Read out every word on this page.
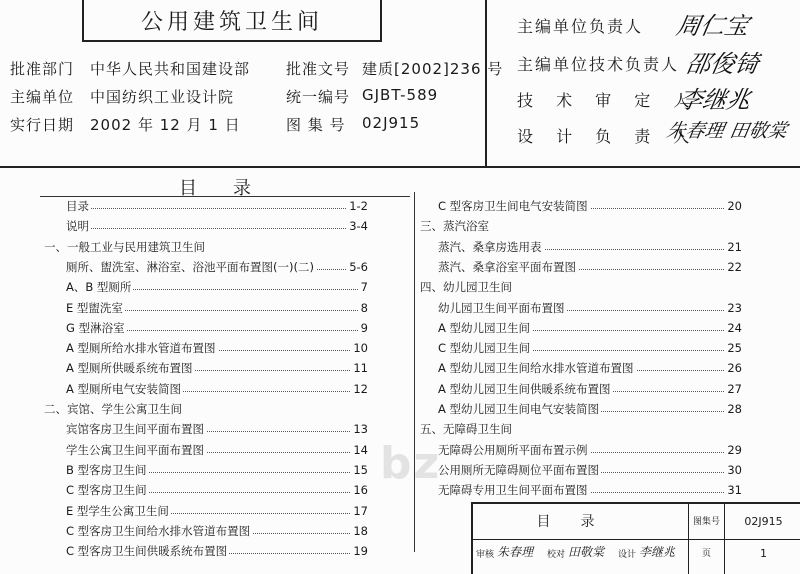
公用建筑卫生间
批准部门 中华人民共和国建设部 批准文号 建质[2002]236 号
主编单位 中国纺织工业设计院	统一编号 GJBT-589
实行日期 2002 年 12 月 1 日	图 集 号 02J915
主编单位负责人 周仁宝
主编单位技术负责人 邵俊锜
技 术 审 定 人
李继兆
设 计 负 责 人
朱春理 田敬棠
目录
目录	1-2
说明	3-4
一、一般工业与民用建筑卫生间
厕所、盥洗室、淋浴室、浴池平面布置图(一)(二)	5-6
A、B 型厕所	7
E 型盥洗室	8
G 型淋浴室	9
A 型厕所给水排水管道布置图	10
A 型厕所供暖系统布置图	11
A 型厕所电气安装简图	12
二、宾馆、学生公寓卫生间
宾馆客房卫生间平面布置图	13
学生公寓卫生间平面布置图	14
B 型客房卫生间	15
C 型客房卫生间	16
E 型学生公寓卫生间	17
C 型客房卫生间给水排水管道布置图	18
C 型客房卫生间供暖系统布置图	19
C 型客房卫生间电气安装简图	20
三、蒸汽浴室
蒸汽、桑拿房选用表	21
蒸汽、桑拿浴室平面布置图	22
四、幼儿园卫生间
幼儿园卫生间平面布置图	23
A 型幼儿园卫生间	24
C 型幼儿园卫生间	25
A 型幼儿园卫生间给水排水管道布置图	26
A 型幼儿园卫生间供暖系统布置图	27
A 型幼儿园卫生间电气安装简图	28
五、无障碍卫生间
无障碍公用厕所平面布置示例	29
公用厕所无障碍厕位平面布置图	30
无障碍专用卫生间平面布置图	31
bz
目录	图集号	02J915
审核 朱春理 校对 田敬棠 设计 李继兆	页	1
